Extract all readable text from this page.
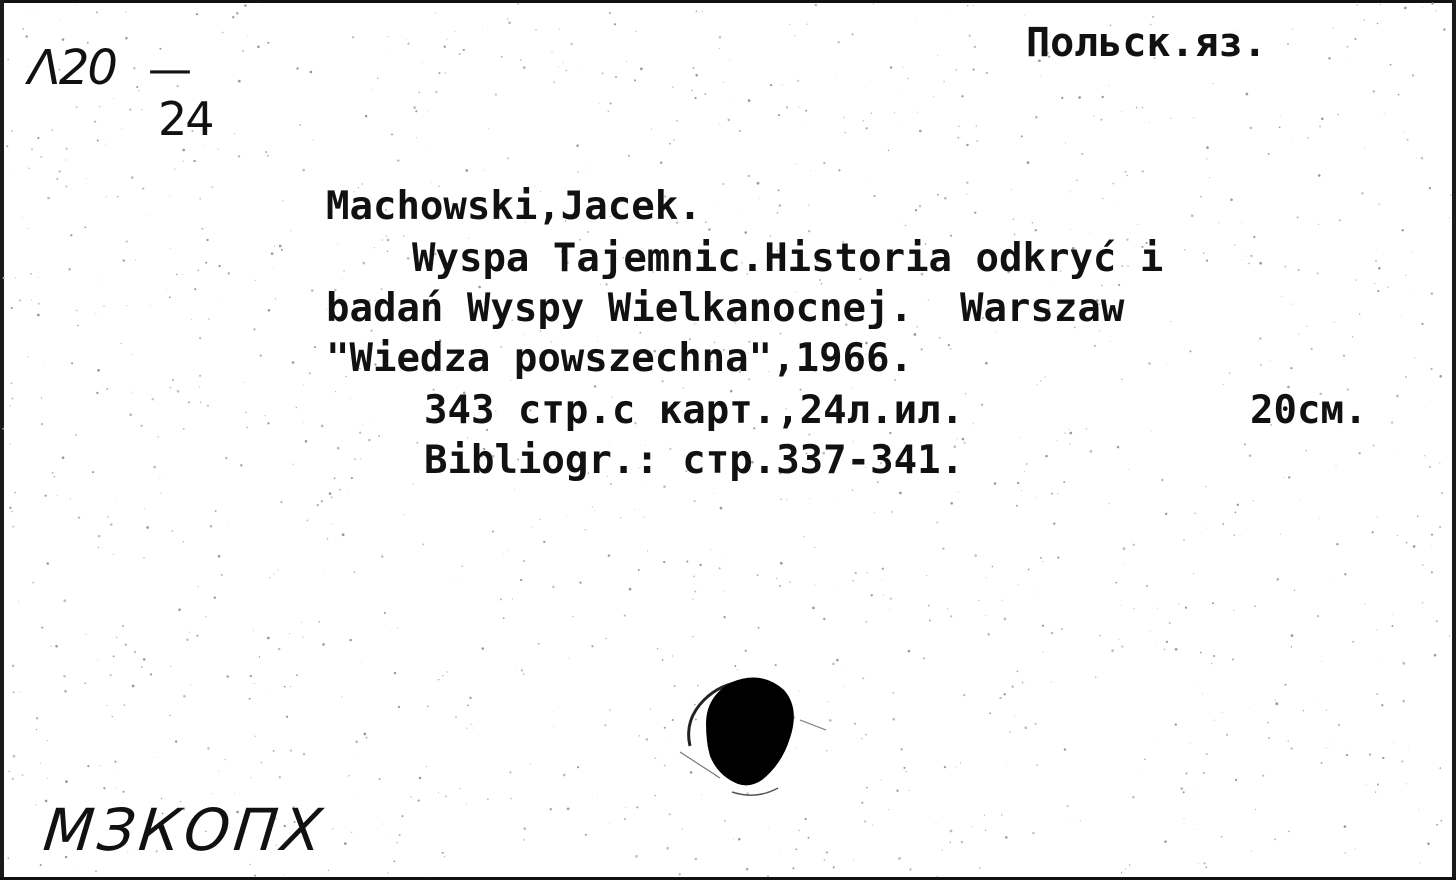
Λ20 —
24
Польск.яз.
Machowski,Jacek.
Wyspa Tajemnic.Historia odkryć i
badań Wyspy Wielkanocnej.  Warszaw
"Wiedza powszechna",1966.
343 стр.с карт.,24л.ил.	20см.
Bibliogr.: стр.337-341.
МЗКОПХ
